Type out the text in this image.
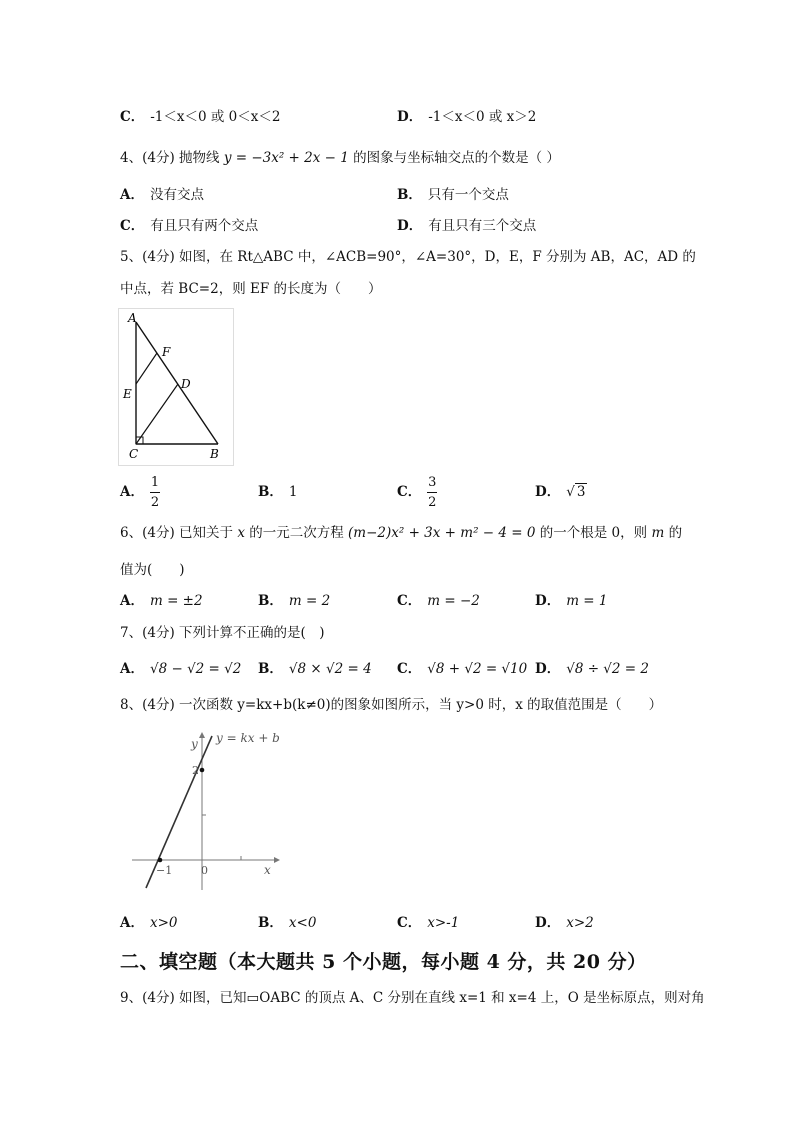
C． -1＜x＜0 或 0＜x＜2	D． -1＜x＜0 或 x＞2
4、(4分) 抛物线 y = −3x² + 2x − 1 的图象与坐标轴交点的个数是（ ）
A． 没有交点	B． 只有一个交点
C． 有且只有两个交点	D． 有且只有三个交点
5、(4分) 如图，在 Rt△ABC 中，∠ACB=90°，∠A=30°，D，E，F 分别为 AB，AC，AD 的
中点，若 BC=2，则 EF 的长度为（　　）
A
F
D
E
C	B
A． $\frac{1}{2}$	B． 1	C． $\frac{3}{2}$	D． √ 3
6、(4分) 已知关于 x 的一元二次方程 (m−2)x² + 3x + m² − 4 = 0 的一个根是 0，则 m 的
值为(　　)
A． m = ±2	B． m = 2	C． m = −2	D． m = 1
7、(4分) 下列计算不正确的是(　)
A． √8 − √2 = √2 B． √8 × √2 = 4 C． √8 + √2 = √10 D． √8 ÷ √2 = 2
8、(4分) 一次函数 y=kx+b(k≠0)的图象如图所示，当 y>0 时，x 的取值范围是（　　）
y = kx + b
y
x
0
−1
2
A． x>0	B． x<0	C． x>-1	D． x>2
二、填空题（本大题共 5 个小题，每小题 4 分，共 20 分）
9、(4分) 如图，已知▭OABC 的顶点 A、C 分别在直线 x=1 和 x=4 上，O 是坐标原点，则对角
